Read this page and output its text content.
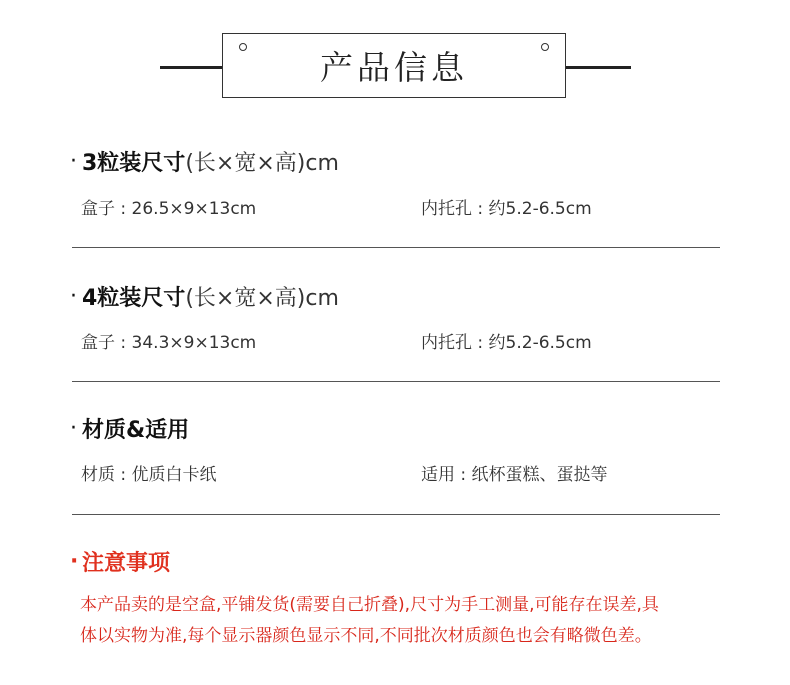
产品信息
· 3粒装尺寸 (长×宽×高)cm
盒子 : 26.5×9×13cm	内托孔 : 约5.2-6.5cm
· 4粒装尺寸 (长×宽×高)cm
盒子 : 34.3×9×13cm	内托孔 : 约5.2-6.5cm
· 材质&适用
材质 : 优质白卡纸	适用 : 纸杯蛋糕、蛋挞等
· 注意事项
本产品卖的是空盒,平铺发货(需要自己折叠),尺寸为手工测量,可能存在误差,具
体以实物为准,每个显示器颜色显示不同,不同批次材质颜色也会有略微色差。
